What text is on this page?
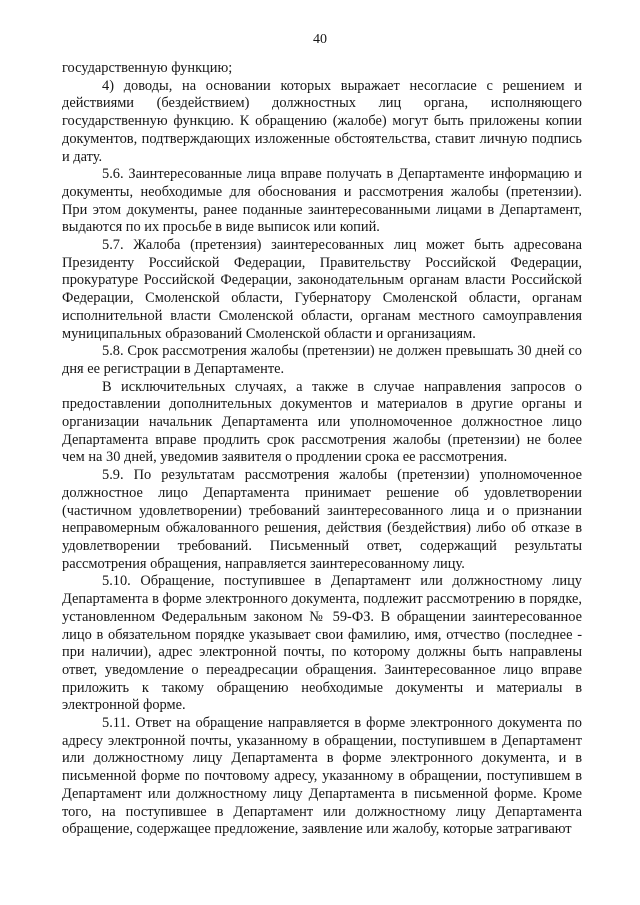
40

государственную функцию;

4) доводы, на основании которых выражает несогласие с решением и действиями (бездействием) должностных лиц органа, исполняющего государственную функцию. К обращению (жалобе) могут быть приложены копии документов, подтверждающих изложенные обстоятельства, ставит личную подпись и дату.

5.6. Заинтересованные лица вправе получать в Департаменте информацию и документы, необходимые для обоснования и рассмотрения жалобы (претензии). При этом документы, ранее поданные заинтересованными лицами в Департамент, выдаются по их просьбе в виде выписок или копий.

5.7. Жалоба (претензия) заинтересованных лиц может быть адресована Президенту Российской Федерации, Правительству Российской Федерации, прокуратуре Российской Федерации, законодательным органам власти Российской Федерации, Смоленской области, Губернатору Смоленской области, органам исполнительной власти Смоленской области, органам местного самоуправления муниципальных образований Смоленской области и организациям.

5.8. Срок рассмотрения жалобы (претензии) не должен превышать 30 дней со дня ее регистрации в Департаменте.

В исключительных случаях, а также в случае направления запросов о предоставлении дополнительных документов и материалов в другие органы и организации начальник Департамента или уполномоченное должностное лицо Департамента вправе продлить срок рассмотрения жалобы (претензии) не более чем на 30 дней, уведомив заявителя о продлении срока ее рассмотрения.

5.9. По результатам рассмотрения жалобы (претензии) уполномоченное должностное лицо Департамента принимает решение об удовлетворении (частичном удовлетворении) требований заинтересованного лица и о признании неправомерным обжалованного решения, действия (бездействия) либо об отказе в удовлетворении требований. Письменный ответ, содержащий результаты рассмотрения обращения, направляется заинтересованному лицу.

5.10. Обращение, поступившее в Департамент или должностному лицу Департамента в форме электронного документа, подлежит рассмотрению в порядке, установленном Федеральным законом № 59-ФЗ. В обращении заинтересованное лицо в обязательном порядке указывает свои фамилию, имя, отчество (последнее - при наличии), адрес электронной почты, по которому должны быть направлены ответ, уведомление о переадресации обращения. Заинтересованное лицо вправе приложить к такому обращению необходимые документы и материалы в электронной форме.

5.11. Ответ на обращение направляется в форме электронного документа по адресу электронной почты, указанному в обращении, поступившем в Департамент или должностному лицу Департамента в форме электронного документа, и в письменной форме по почтовому адресу, указанному в обращении, поступившем в Департамент или должностному лицу Департамента в письменной форме. Кроме того, на поступившее в Департамент или должностному лицу Департамента обращение, содержащее предложение, заявление или жалобу, которые затрагивают
